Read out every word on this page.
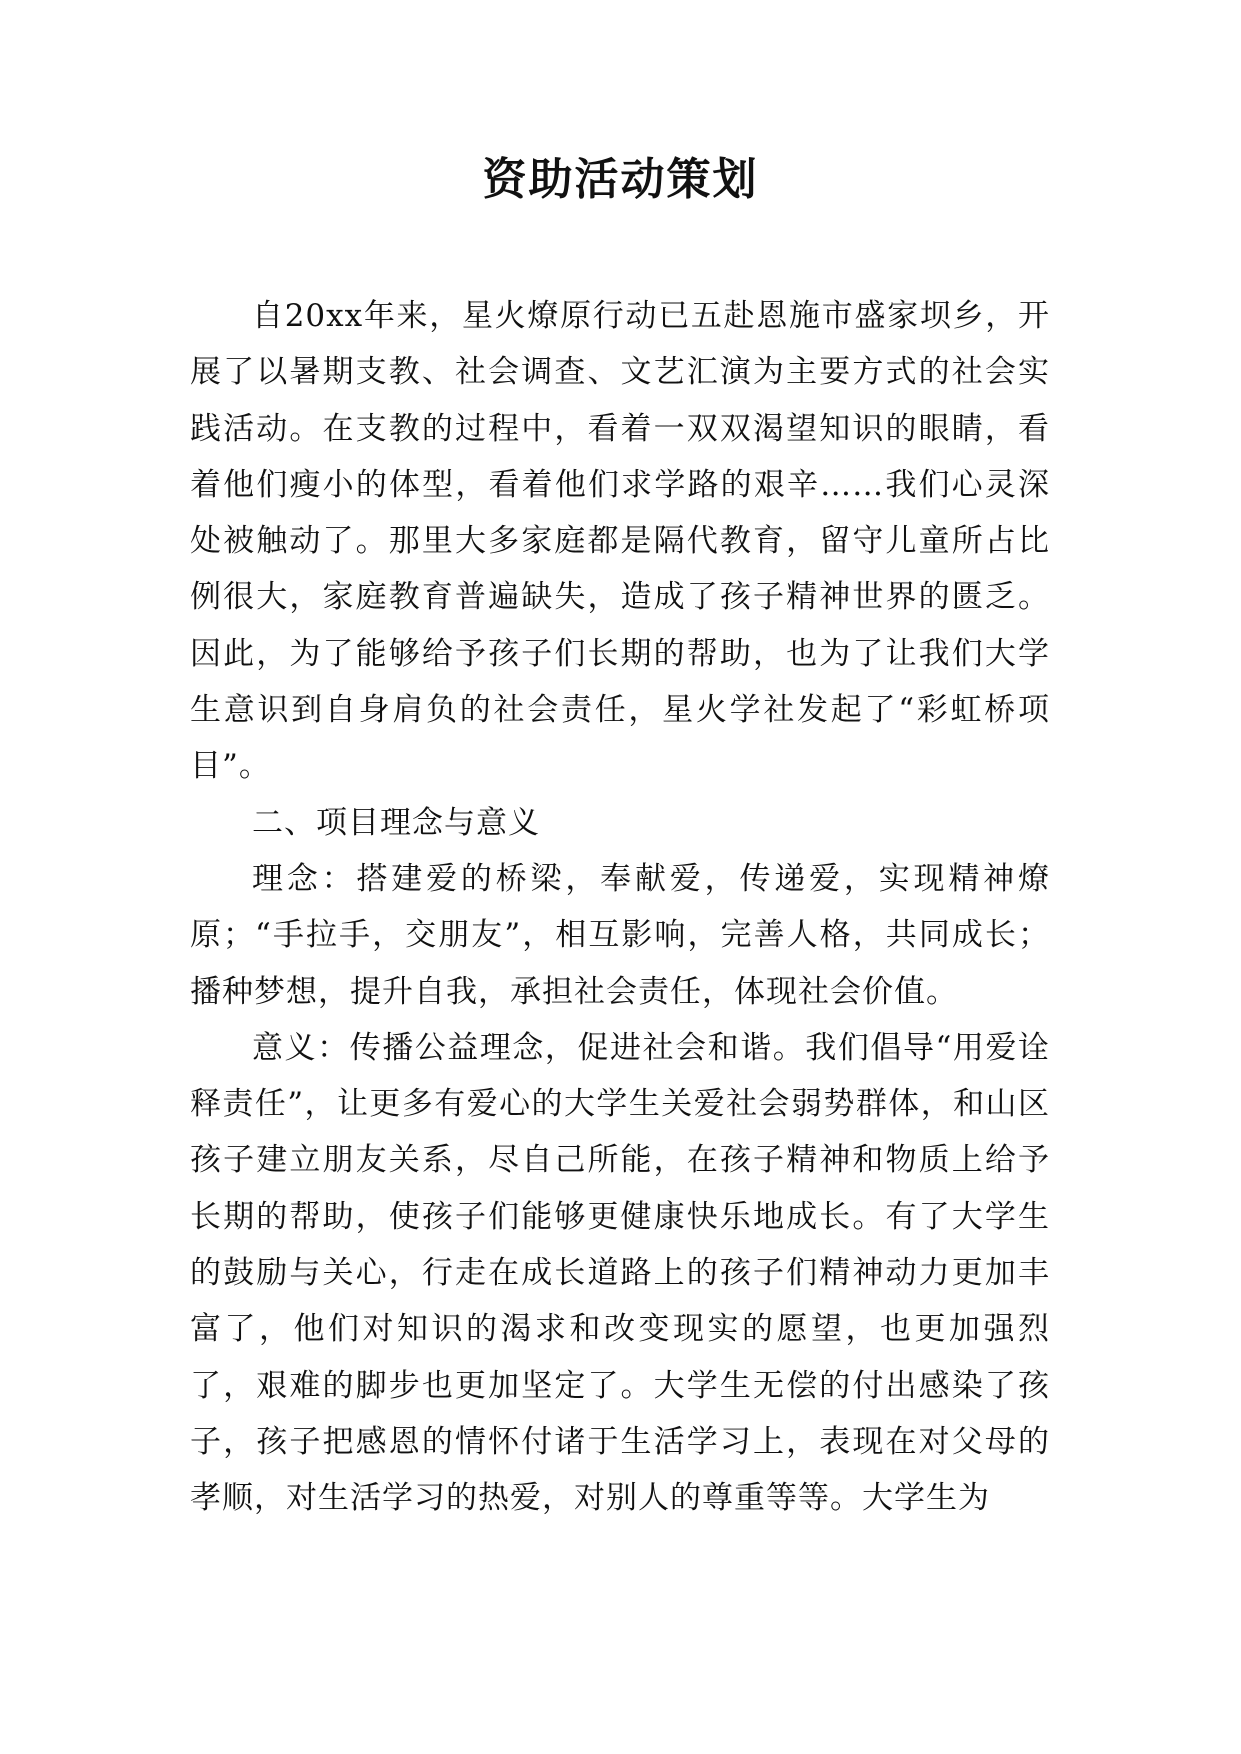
资助活动策划

自20xx年来，星火燎原行动已五赴恩施市盛家坝乡，开展了以暑期支教、社会调查、文艺汇演为主要方式的社会实践活动。在支教的过程中，看着一双双渴望知识的眼睛，看着他们瘦小的体型，看着他们求学路的艰辛……我们心灵深处被触动了。那里大多家庭都是隔代教育，留守儿童所占比例很大，家庭教育普遍缺失，造成了孩子精神世界的匮乏。因此，为了能够给予孩子们长期的帮助，也为了让我们大学生意识到自身肩负的社会责任，星火学社发起了“彩虹桥项目”。

二、项目理念与意义

理念：搭建爱的桥梁，奉献爱，传递爱，实现精神燎原；“手拉手，交朋友”，相互影响，完善人格，共同成长；播种梦想，提升自我，承担社会责任，体现社会价值。

意义：传播公益理念，促进社会和谐。我们倡导“用爱诠释责任”，让更多有爱心的大学生关爱社会弱势群体，和山区孩子建立朋友关系，尽自己所能，在孩子精神和物质上给予长期的帮助，使孩子们能够更健康快乐地成长。有了大学生的鼓励与关心，行走在成长道路上的孩子们精神动力更加丰富了，他们对知识的渴求和改变现实的愿望，也更加强烈了，艰难的脚步也更加坚定了。大学生无偿的付出感染了孩子，孩子把感恩的情怀付诸于生活学习上，表现在对父母的孝顺，对生活学习的热爱，对别人的尊重等等。大学生为
